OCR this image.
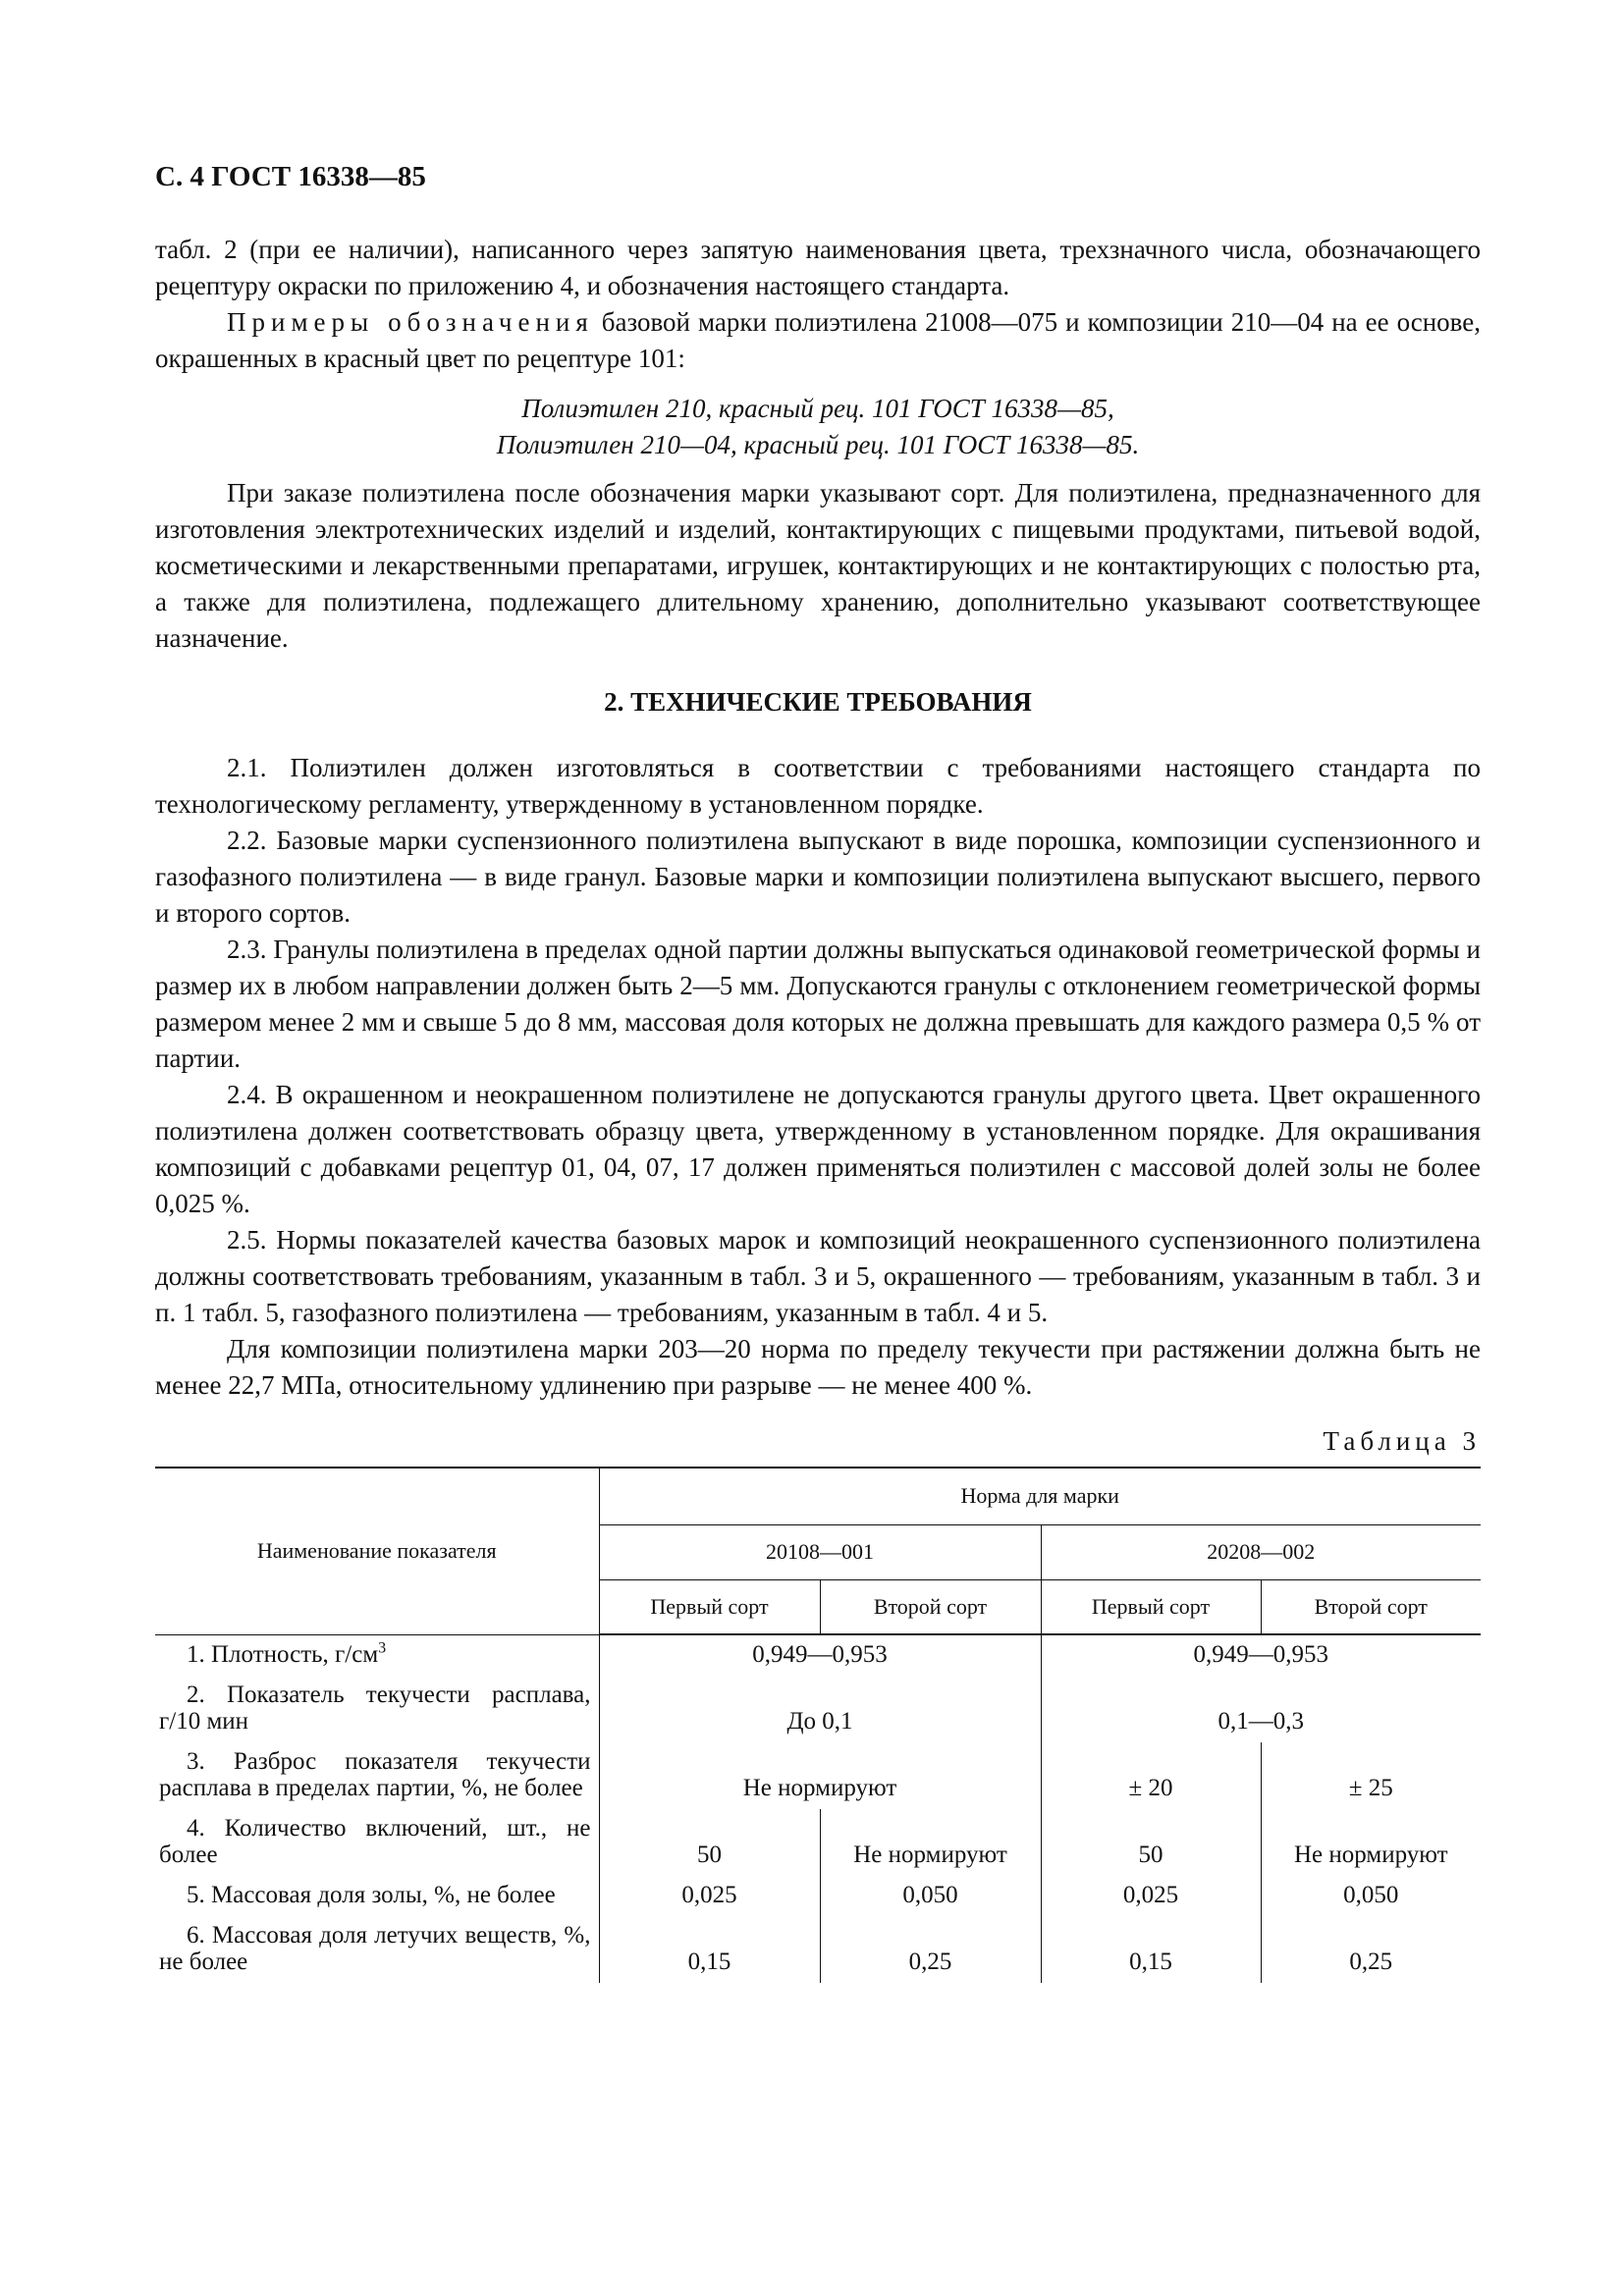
С. 4 ГОСТ 16338—85

табл. 2 (при ее наличии), написанного через запятую наименования цвета, трехзначного числа, обозначающего рецептуру окраски по приложению 4, и обозначения настоящего стандарта.

Примеры обозначения базовой марки полиэтилена 21008—075 и композиции 210—04 на ее основе, окрашенных в красный цвет по рецептуре 101:

Полиэтилен 210, красный рец. 101 ГОСТ 16338—85,
Полиэтилен 210—04, красный рец. 101 ГОСТ 16338—85.

При заказе полиэтилена после обозначения марки указывают сорт. Для полиэтилена, предназначенного для изготовления электротехнических изделий и изделий, контактирующих с пищевыми продуктами, питьевой водой, косметическими и лекарственными препаратами, игрушек, контактирующих и не контактирующих с полостью рта, а также для полиэтилена, подлежащего длительному хранению, дополнительно указывают соответствующее назначение.

2. ТЕХНИЧЕСКИЕ ТРЕБОВАНИЯ

2.1. Полиэтилен должен изготовляться в соответствии с требованиями настоящего стандарта по технологическому регламенту, утвержденному в установленном порядке.

2.2. Базовые марки суспензионного полиэтилена выпускают в виде порошка, композиции суспензионного и газофазного полиэтилена — в виде гранул. Базовые марки и композиции полиэтилена выпускают высшего, первого и второго сортов.

2.3. Гранулы полиэтилена в пределах одной партии должны выпускаться одинаковой геометрической формы и размер их в любом направлении должен быть 2—5 мм. Допускаются гранулы с отклонением геометрической формы размером менее 2 мм и свыше 5 до 8 мм, массовая доля которых не должна превышать для каждого размера 0,5 % от партии.

2.4. В окрашенном и неокрашенном полиэтилене не допускаются гранулы другого цвета. Цвет окрашенного полиэтилена должен соответствовать образцу цвета, утвержденному в установленном порядке. Для окрашивания композиций с добавками рецептур 01, 04, 07, 17 должен применяться полиэтилен с массовой долей золы не более 0,025 %.

2.5. Нормы показателей качества базовых марок и композиций неокрашенного суспензионного полиэтилена должны соответствовать требованиям, указанным в табл. 3 и 5, окрашенного — требованиям, указанным в табл. 3 и п. 1 табл. 5, газофазного полиэтилена — требованиям, указанным в табл. 4 и 5.

Для композиции полиэтилена марки 203—20 норма по пределу текучести при растяжении должна быть не менее 22,7 МПа, относительному удлинению при разрыве — не менее 400 %.

Таблица 3
Наименование показателя	Норма для марки			
	20108—001		20208—002	
	Первый сорт	Второй сорт	Первый сорт	Второй сорт

1. Плотность, $г/см^3$	0,949—0,953		0,949—0,953	

2. Показатель текучести расплава, г/10 мин	До 0,1		0,1—0,3	

3. Разброс показателя текучести расплава в пределах партии, %, не более	Не нормируют		± 20	± 25

4. Количество включений, шт., не более	50	Не нормируют	50	Не нормируют

5. Массовая доля золы, %, не более	0,025	0,050	0,025	0,050

6. Массовая доля летучих веществ, %, не более	0,15	0,25	0,15	0,25
